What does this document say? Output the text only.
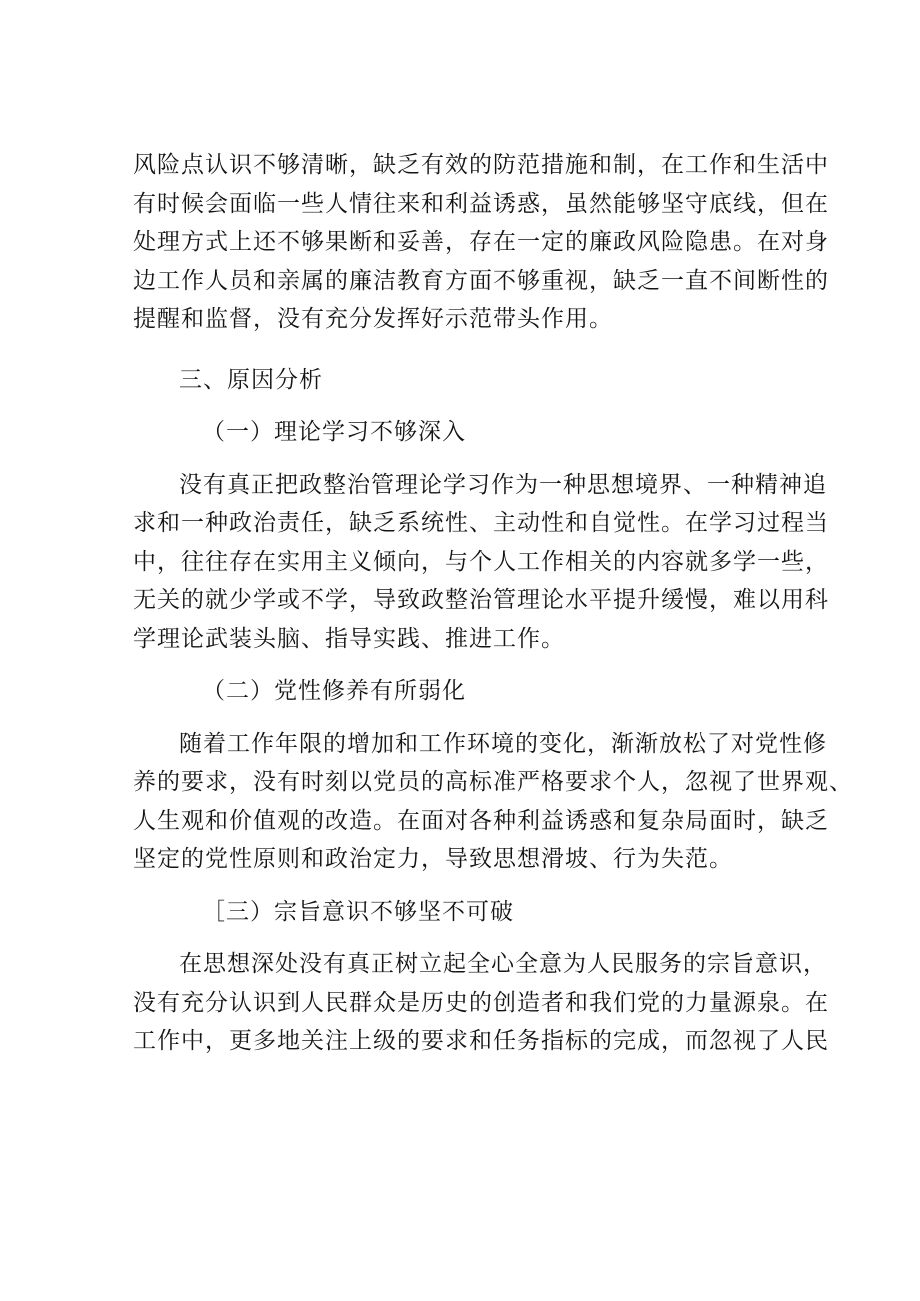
风 险 点 认 识 不 够 清 晰 ， 缺 乏 有 效 的 防 范 措 施 和 制 ， 在 工 作 和 生 活 中
有 时 候 会 面 临 一 些 人 情 往 来 和 利 益 诱 惑 ， 虽 然 能 够 坚 守 底 线 ， 但 在
处 理 方 式 上 还 不 够 果 断 和 妥 善 ， 存 在 一 定 的 廉 政 风 险 隐 患 。 在 对 身
边 工 作 人 员 和 亲 属 的 廉 洁 教 育 方 面 不 够 重 视 ， 缺 乏 一 直 不 间 断 性 的
提 醒 和 监 督 ， 没 有 充 分 发 挥 好 示 范 带 头 作 用 。
三、原因分析
（一）理论学习不够深入
没 有 真 正 把 政 整 治 管 理 论 学 习 作 为 一 种 思 想 境 界 、 一 种 精 神 追
求 和 一 种 政 治 责 任 ， 缺 乏 系 统 性 、 主 动 性 和 自 觉 性 。 在 学 习 过 程 当
中 ， 往 往 存 在 实 用 主 义 倾 向 ， 与 个 人 工 作 相 关 的 内 容 就 多 学 一 些 ，
无 关 的 就 少 学 或 不 学 ， 导 致 政 整 治 管 理 论 水 平 提 升 缓 慢 ， 难 以 用 科
学 理 论 武 装 头 脑 、 指 导 实 践 、 推 进 工 作 。
（二）党性修养有所弱化
随 着 工 作 年 限 的 增 加 和 工 作 环 境 的 变 化 ， 渐 渐 放 松 了 对 党 性 修
养 的 要 求 ， 没 有 时 刻 以 党 员 的 高 标 准 严 格 要 求 个 人 ， 忽 视 了 世 界 观 、
人 生 观 和 价 值 观 的 改 造 。 在 面 对 各 种 利 益 诱 惑 和 复 杂 局 面 时 ， 缺 乏
坚 定 的 党 性 原 则 和 政 治 定 力 ， 导 致 思 想 滑 坡 、 行 为 失 范 。
［三）宗旨意识不够坚不可破
在 思 想 深 处 没 有 真 正 树 立 起 全 心 全 意 为 人 民 服 务 的 宗 旨 意 识 ，
没 有 充 分 认 识 到 人 民 群 众 是 历 史 的 创 造 者 和 我 们 党 的 力 量 源 泉 。 在
工 作 中 ， 更 多 地 关 注 上 级 的 要 求 和 任 务 指 标 的 完 成 ， 而 忽 视 了 人 民
